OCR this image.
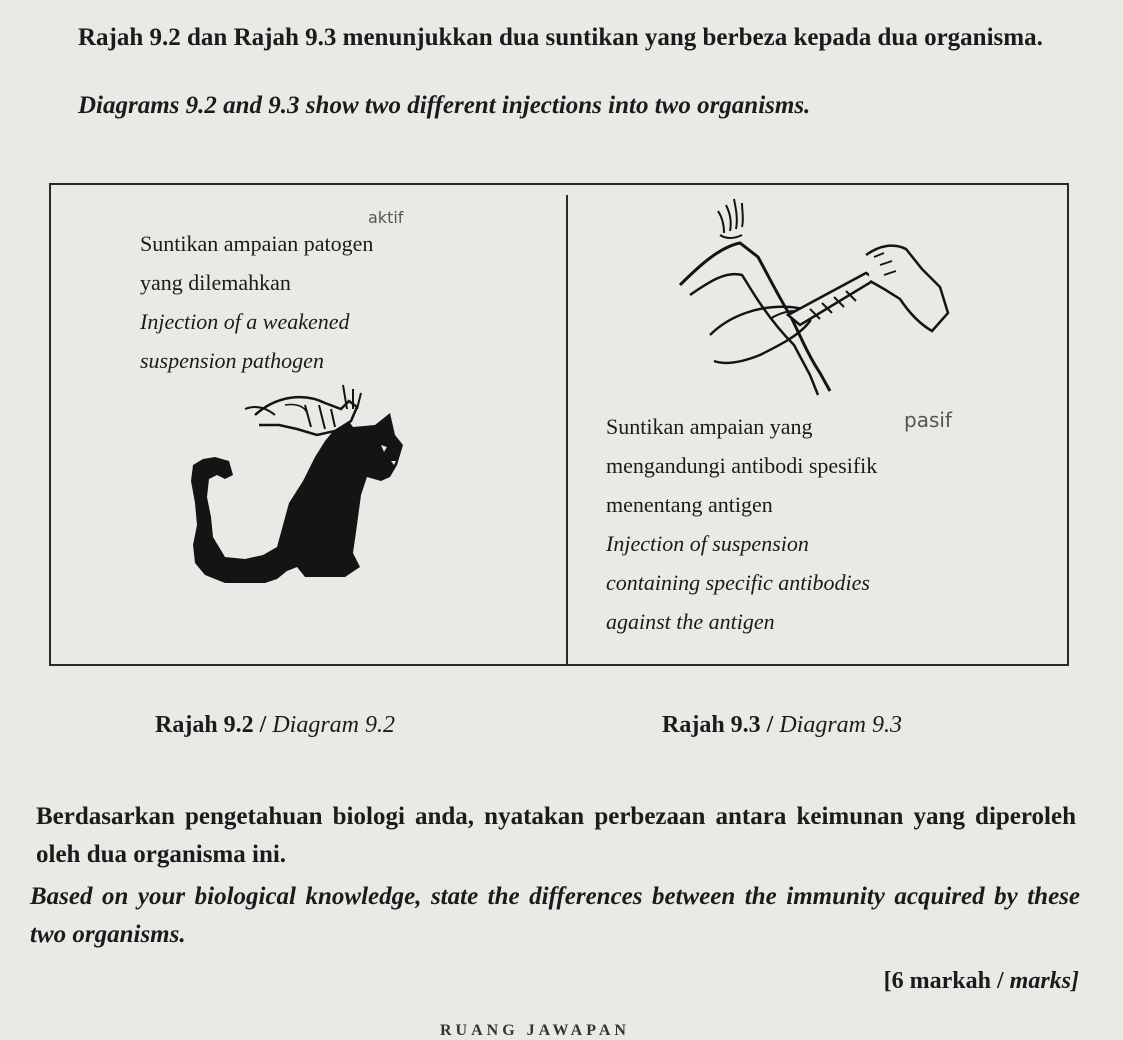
Rajah 9.2 dan Rajah 9.3 menunjukkan dua suntikan yang berbeza kepada dua organisma.
Diagrams 9.2 and 9.3 show two different injections into two organisms.
Suntikan ampaian patogen
yang dilemahkan
Injection of a weakened
suspension pathogen
aktif
Suntikan ampaian yang
mengandungi antibodi spesifik
menentang antigen
Injection of suspension
containing specific antibodies
against the antigen
pasif
Rajah 9.2 / Diagram 9.2	Rajah 9.3 / Diagram 9.3
Berdasarkan pengetahuan biologi anda, nyatakan perbezaan antara keimunan yang diperoleh oleh dua organisma ini.
Based on your biological knowledge, state the differences between the immunity acquired by these two organisms.
[6 markah / marks]
RUANG JAWAPAN
